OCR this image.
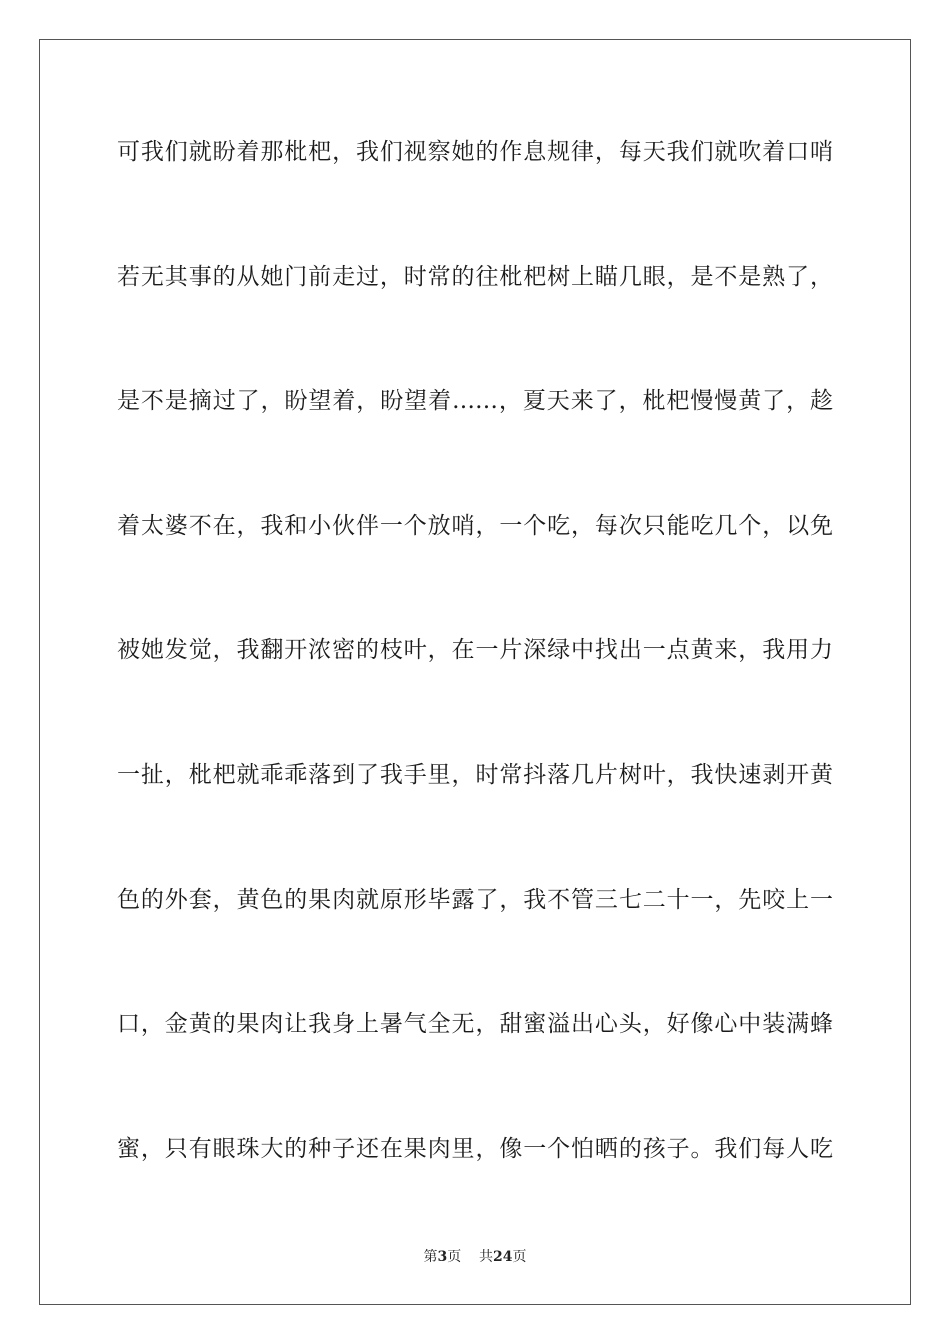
可我们就盼着那枇杷，我们视察她的作息规律，每天我们就吹着口哨
若无其事的从她门前走过，时常的往枇杷树上瞄几眼，是不是熟了，
是不是摘过了，盼望着，盼望着……，夏天来了，枇杷慢慢黄了，趁
着太婆不在，我和小伙伴一个放哨，一个吃，每次只能吃几个，以免
被她发觉，我翻开浓密的枝叶，在一片深绿中找出一点黄来，我用力
一扯，枇杷就乖乖落到了我手里，时常抖落几片树叶，我快速剥开黄
色的外套，黄色的果肉就原形毕露了，我不管三七二十一，先咬上一
口，金黄的果肉让我身上暑气全无，甜蜜溢出心头，好像心中装满蜂
蜜，只有眼珠大的种子还在果肉里，像一个怕晒的孩子。我们每人吃
第3页 共24页
